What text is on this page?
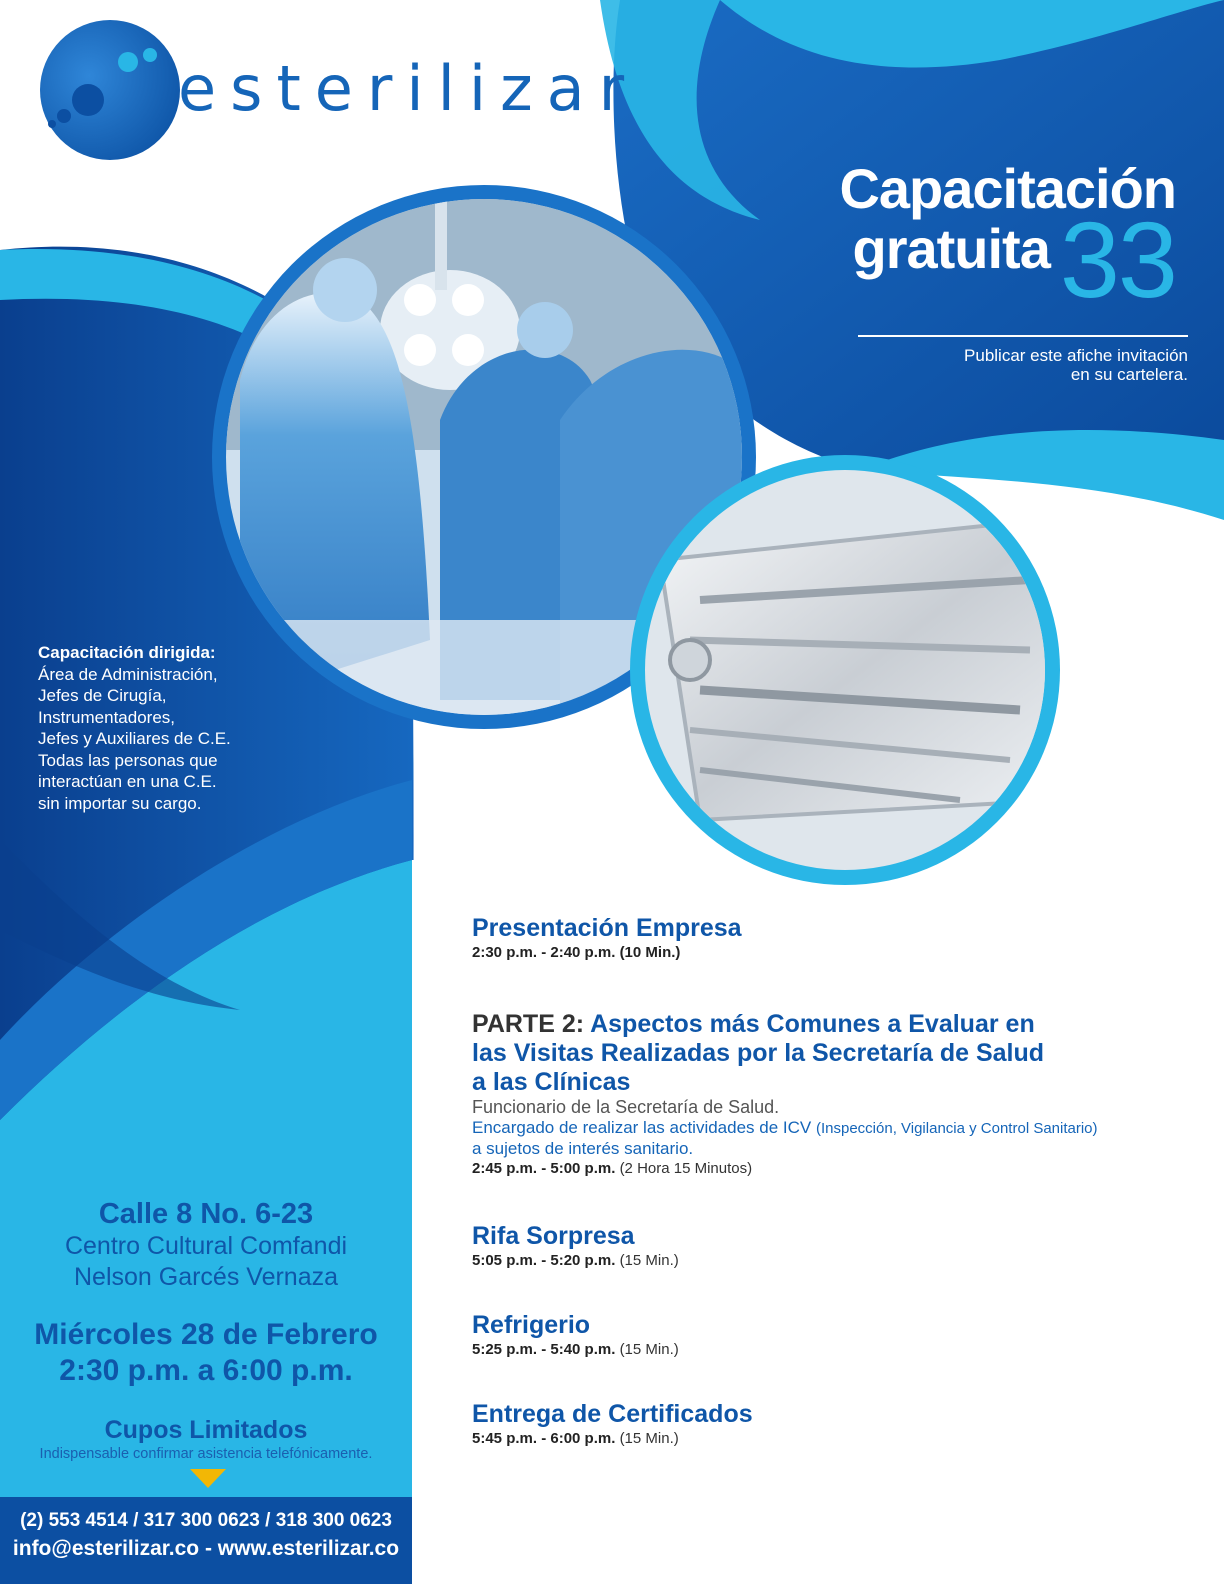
esterilizar
Capacitación
gratuita 33
Publicar este afiche invitación
en su cartelera.
Capacitación dirigida:
Área de Administración,
Jefes de Cirugía,
Instrumentadores,
Jefes y Auxiliares de C.E.
Todas las personas que
interactúan en una C.E.
sin importar su cargo.
Calle 8 No. 6-23
Centro Cultural Comfandi
Nelson Garcés Vernaza
Miércoles 28 de Febrero
2:30 p.m. a 6:00 p.m.
Cupos Limitados
Indispensable confirmar asistencia telefónicamente.
(2) 553 4514 / 317 300 0623 / 318 300 0623
info@esterilizar.co - www.esterilizar.co
Presentación Empresa
2:30 p.m. - 2:40 p.m. (10 Min.)
PARTE 2: Aspectos más Comunes a Evaluar en
las Visitas Realizadas por la Secretaría de Salud
a las Clínicas
Funcionario de la Secretaría de Salud.
Encargado de realizar las actividades de ICV (Inspección, Vigilancia y Control Sanitario)
a sujetos de interés sanitario.
2:45 p.m. - 5:00 p.m. (2 Hora 15 Minutos)
Rifa Sorpresa
5:05 p.m. - 5:20 p.m. (15 Min.)
Refrigerio
5:25 p.m. - 5:40 p.m. (15 Min.)
Entrega de Certificados
5:45 p.m. - 6:00 p.m. (15 Min.)
